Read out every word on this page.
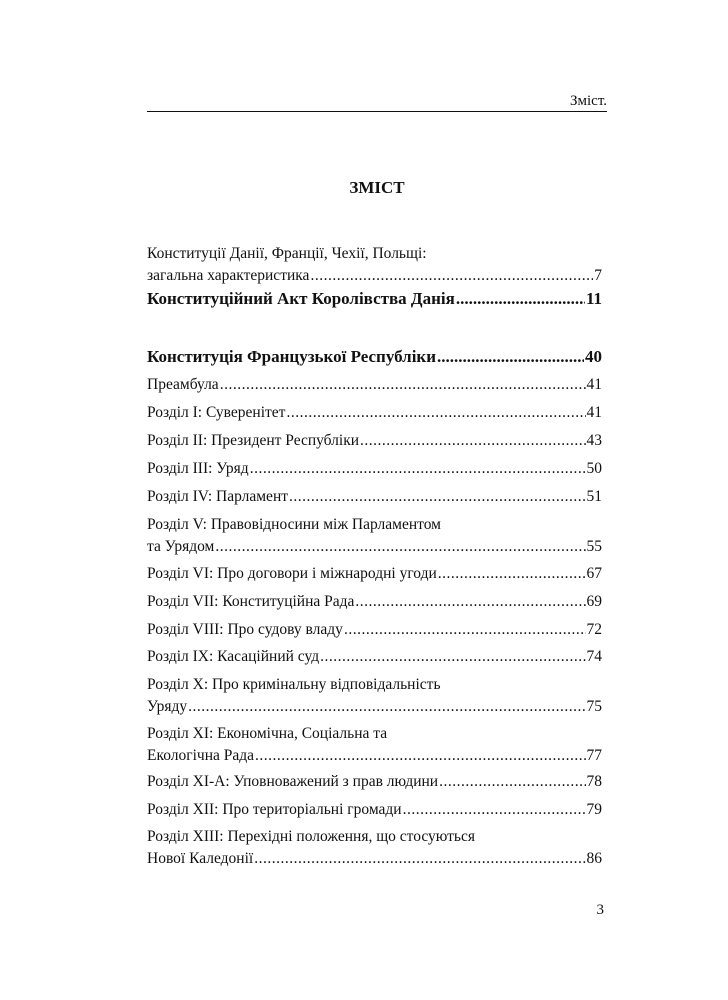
Зміст.
ЗМІСТ
Конституції Данії, Франції, Чехії, Польщі:
загальна характеристика .....	7
Конституційний Акт Королівства Данія .....	11
Конституція Французької Республіки .....	40
Преамбула .....	41
Розділ I: Суверенітет .....	41
Розділ II: Президент Республіки .....	43
Розділ III: Уряд .....	50
Розділ IV: Парламент .....	51
Розділ V: Правовідносини між Парламентом
та Урядом .....	55
Розділ VI: Про договори і міжнародні угоди .....	67
Розділ VII: Конституційна Рада .....	69
Розділ VIII: Про судову владу .....	72
Розділ IX: Касаційний суд .....	74
Розділ X: Про кримінальну відповідальність
Уряду .....	75
Розділ XI: Економічна, Соціальна та
Екологічна Рада .....	77
Розділ XI-A: Уповноважений з прав людини .....	78
Розділ XII: Про територіальні громади .....	79
Розділ XIII: Перехідні положення, що стосуються
Нової Каледонії .....	86
3
